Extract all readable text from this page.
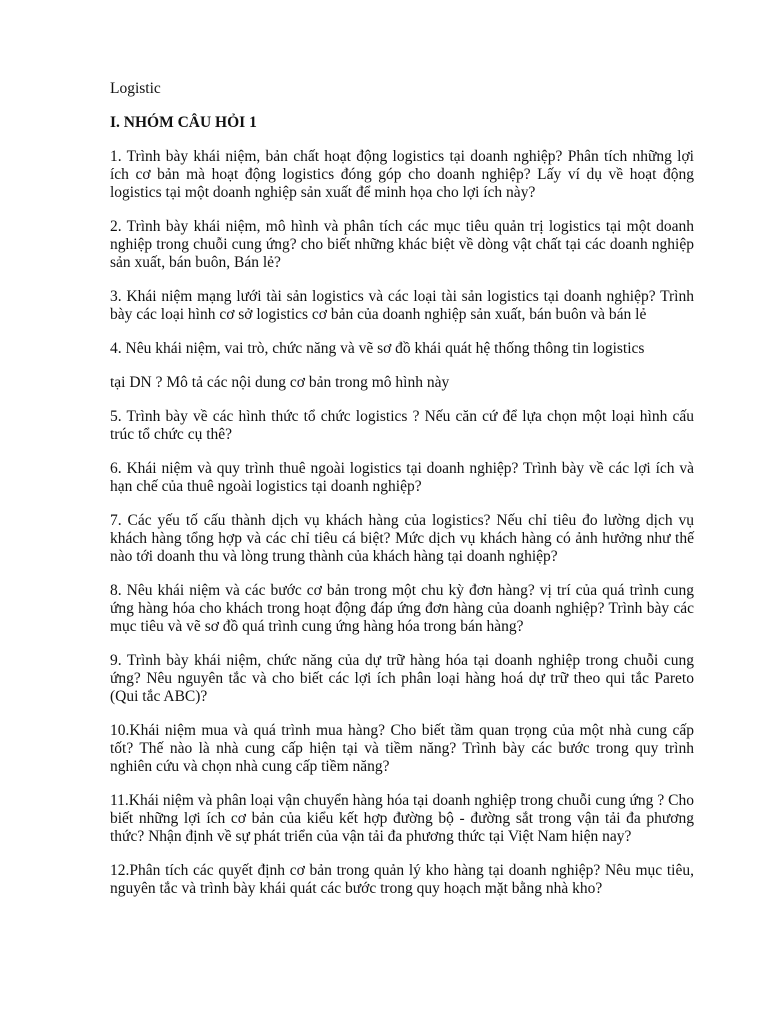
Logistic
I. NHÓM CÂU HỎI 1

1. Trình bày khái niệm, bản chất hoạt động logistics tại doanh nghiệp? Phân tích những lợi ích cơ bản mà hoạt động logistics đóng góp cho doanh nghiệp? Lấy ví dụ về hoạt động logistics tại một doanh nghiệp sản xuất để minh họa cho lợi ích này?

2. Trình bày khái niệm, mô hình và phân tích các mục tiêu quản trị logistics tại một doanh nghiệp trong chuỗi cung ứng? cho biết những khác biệt về dòng vật chất tại các doanh nghiệp sản xuất, bán buôn, Bán lẻ?

3. Khái niệm mạng lưới tài sản logistics và các loại tài sản logistics tại doanh nghiệp? Trình bày các loại hình cơ sở logistics cơ bản của doanh nghiệp sản xuất, bán buôn và bán lẻ

4. Nêu khái niệm, vai trò, chức năng và vẽ sơ đồ khái quát hệ thống thông tin logistics

tại DN ? Mô tả các nội dung cơ bản trong mô hình này

5. Trình bày về các hình thức tổ chức logistics ? Nếu căn cứ để lựa chọn một loại hình cấu trúc tổ chức cụ thê?

6. Khái niệm và quy trình thuê ngoài logistics tại doanh nghiệp? Trình bày về các lợi ích và hạn chế của thuê ngoài logistics tại doanh nghiệp?

7. Các yếu tố cấu thành dịch vụ khách hàng của logistics? Nếu chỉ tiêu đo lường dịch vụ khách hàng tổng hợp và các chỉ tiêu cá biệt? Mức dịch vụ khách hàng có ảnh hưởng như thế nào tới doanh thu và lòng trung thành của khách hàng tại doanh nghiệp?

8. Nêu khái niệm và các bước cơ bản trong một chu kỳ đơn hàng? vị trí của quá trình cung ứng hàng hóa cho khách trong hoạt động đáp ứng đơn hàng của doanh nghiệp? Trình bày các mục tiêu và vẽ sơ đồ quá trình cung ứng hàng hóa trong bán hàng?

9. Trình bày khái niệm, chức năng của dự trữ hàng hóa tại doanh nghiệp trong chuỗi cung ứng? Nêu nguyên tắc và cho biết các lợi ích phân loại hàng hoá dự trữ theo qui tắc Pareto (Qui tắc ABC)?

10.Khái niệm mua và quá trình mua hàng? Cho biết tầm quan trọng của một nhà cung cấp tốt? Thế nào là nhà cung cấp hiện tại và tiềm năng? Trình bày các bước trong quy trình nghiên cứu và chọn nhà cung cấp tiềm năng?

11.Khái niệm và phân loại vận chuyển hàng hóa tại doanh nghiệp trong chuỗi cung ứng ? Cho biết những lợi ích cơ bản của kiểu kết hợp đường bộ - đường sắt trong vận tải đa phương thức? Nhận định về sự phát triển của vận tải đa phương thức tại Việt Nam hiện nay?

12.Phân tích các quyết định cơ bản trong quản lý kho hàng tại doanh nghiệp? Nêu mục tiêu, nguyên tắc và trình bày khái quát các bước trong quy hoạch mặt bằng nhà kho?
